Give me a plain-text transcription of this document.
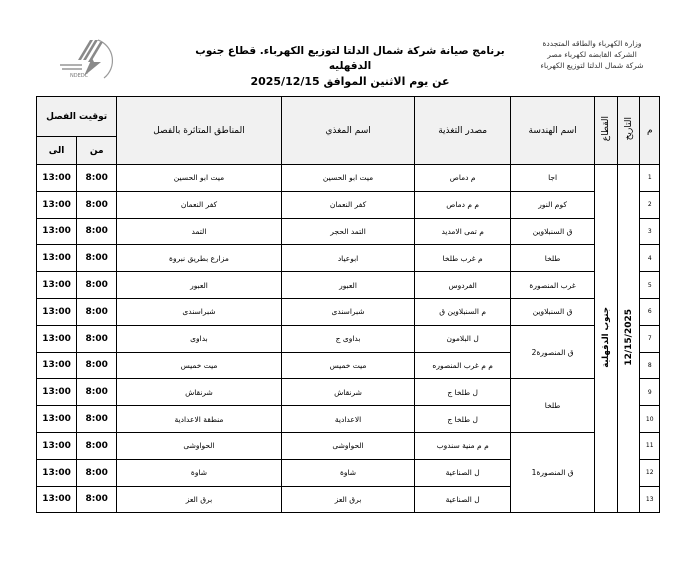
وزارة الكهرباء والطاقه المتجددة
الشركه القابضه لكهرباء مصر
شركة شمال الدلتا لتوزيع الكهرباء
برنامج صيانة شركة شمال الدلتا لتوزيع الكهرباء. قطاع جنوب الدقهليه
عن يوم الاثنين الموافق 2025/12/15
NDEDC
م	التاريخ	القطاع	اسم الهندسة	مصدر التغذية	اسم المغذي	المناطق المتاثرة بالفصل	توقيت الفصل	
							من	الى
1	12/15/2025	جنوب الدقهلية	اجا	م دماص	ميت ابو الحسين	ميت ابو الحسين	8:00	13:00
2			كوم النور	م م دماص	كفر النعمان	كفر النعمان	8:00	13:00
3			ق السنبلاوين	م تمى الامديد	التمد الحجر	التمد	8:00	13:00
4			طلخا	م غرب طلخا	ابوعياد	مزارع بطريق نبروة	8:00	13:00
5			غرب المنصورة	الفردوس	العبور	العبور	8:00	13:00
6			ق السنبلاوين	م السنبلاوين ق	شبراسندى	شبراسندى	8:00	13:00
7			ق المنصورة2	ل البلامون	بداوى ج	بداوى	8:00	13:00
8				م م غرب المنصوره	ميت خميس	ميت خميس	8:00	13:00
9			طلخا	ل طلخا ج	شرنقاش	شرنقاش	8:00	13:00
10				ل طلخا ج	الاعدادية	منطقة الاعدادية	8:00	13:00
11			ق المنصورة1	م م منية سندوب	الحواوشى	الحواوشى	8:00	13:00
12				ل الصناعية	شاوة	شاوة	8:00	13:00
13				ل الصناعية	برق العز	برق العز	8:00	13:00
